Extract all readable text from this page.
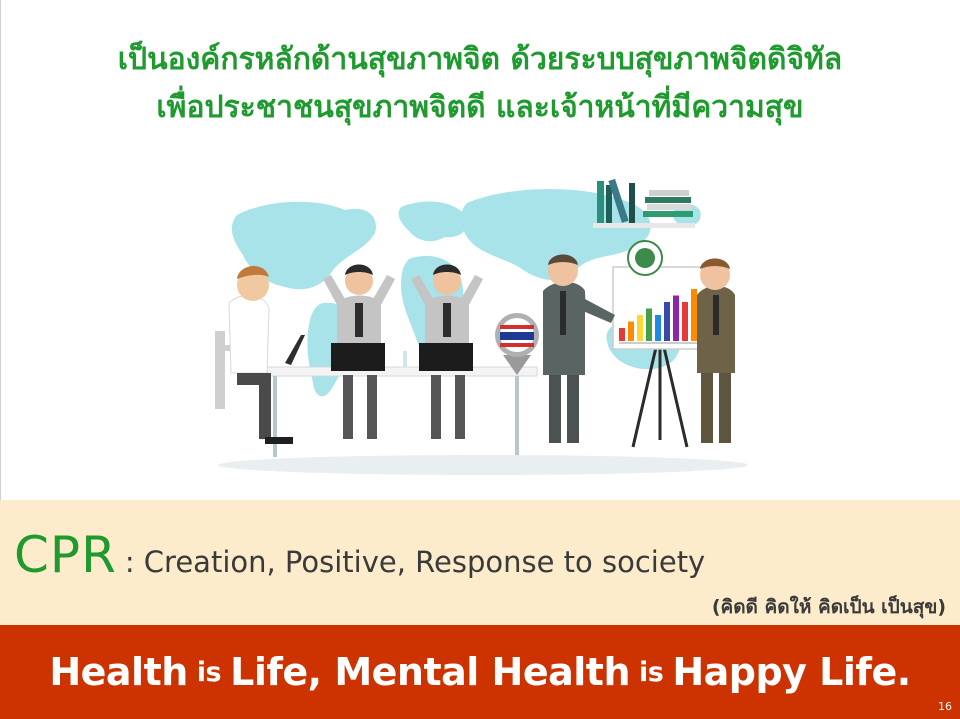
เป็นองค์กรหลักด้านสุขภาพจิต ด้วยระบบสุขภาพจิตดิจิทัล
เพื่อประชาชนสุขภาพจิตดี และเจ้าหน้าที่มีความสุข
CPR : Creation, Positive, Response to society
(คิดดี คิดให้ คิดเป็น เป็นสุข)
Health is Life, Mental Health is Happy Life.
16
